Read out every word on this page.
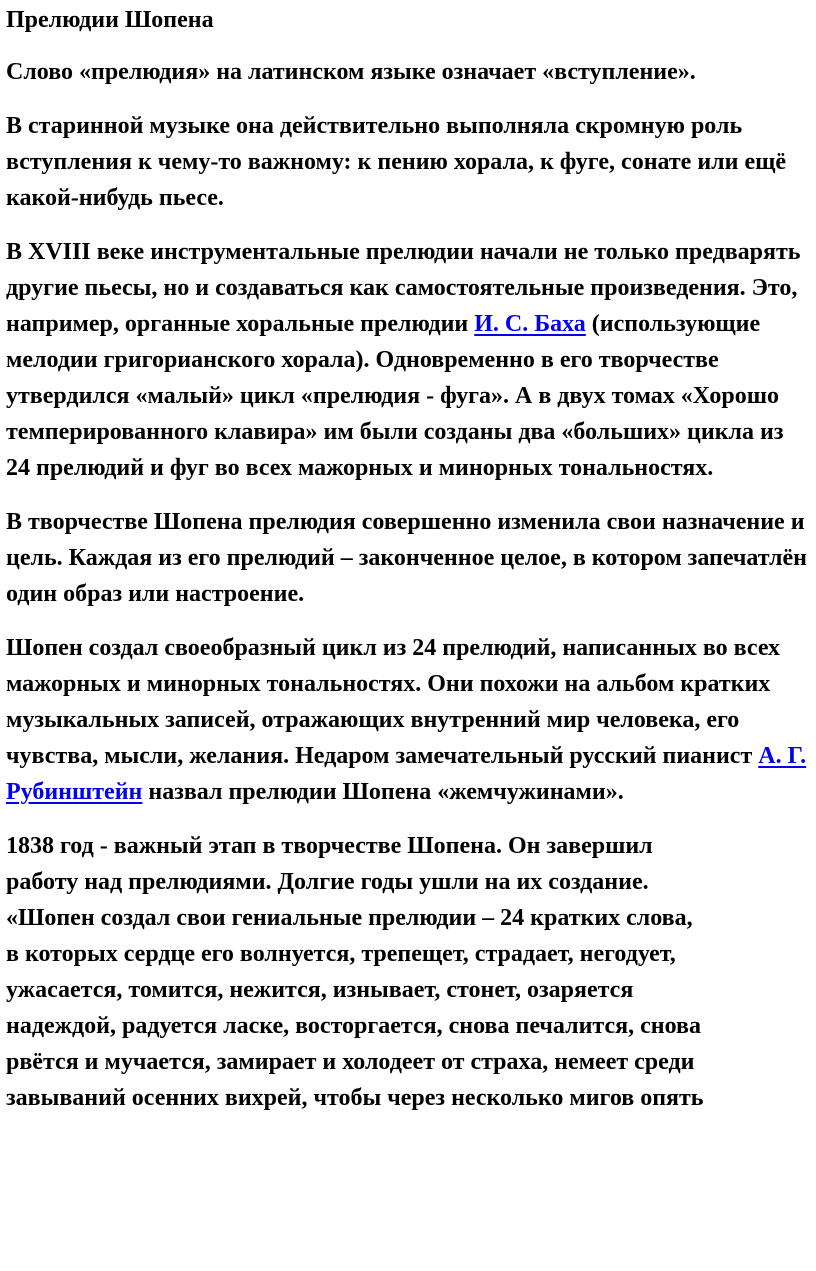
Прелюдии Шопена

Слово «прелюдия» на латинском языке означает «вступление».

В старинной музыке она действительно выполняла скромную роль вступления к чему-то важному: к пению хорала, к фуге, сонате или ещё какой-нибудь пьесе.

В XVIII веке инструментальные прелюдии начали не только предварять другие пьесы, но и создаваться как самостоятельные произведения. Это, например, органные хоральные прелюдии И. С. Баха (использующие мелодии григорианского хорала). Одновременно в его творчестве утвердился «малый» цикл «прелюдия - фуга». А в двух томах «Хорошо темперированного клавира» им были созданы два «больших» цикла из 24 прелюдий и фуг во всех мажорных и минорных тональностях.

В творчестве Шопена прелюдия совершенно изменила свои назначение и цель. Каждая из его прелюдий – законченное целое, в котором запечатлён один образ или настроение.

Шопен создал своеобразный цикл из 24 прелюдий, написанных во всех мажорных и минорных тональностях. Они похожи на альбом кратких музыкальных записей, отражающих внутренний мир человека, его чувства, мысли, желания. Недаром замечательный русский пианист А. Г. Рубинштейн назвал прелюдии Шопена «жемчужинами».

1838 год - важный этап в творчестве Шопена. Он завершил
работу над прелюдиями. Долгие годы ушли на их создание.
«Шопен создал свои гениальные прелюдии – 24 кратких слова,
в которых сердце его волнуется, трепещет, страдает, негодует,
ужасается, томится, нежится, изнывает, стонет, озаряется
надеждой, радуется ласке, восторгается, снова печалится, снова
рвётся и мучается, замирает и холодеет от страха, немеет среди
завываний осенних вихрей, чтобы через несколько мигов опять
